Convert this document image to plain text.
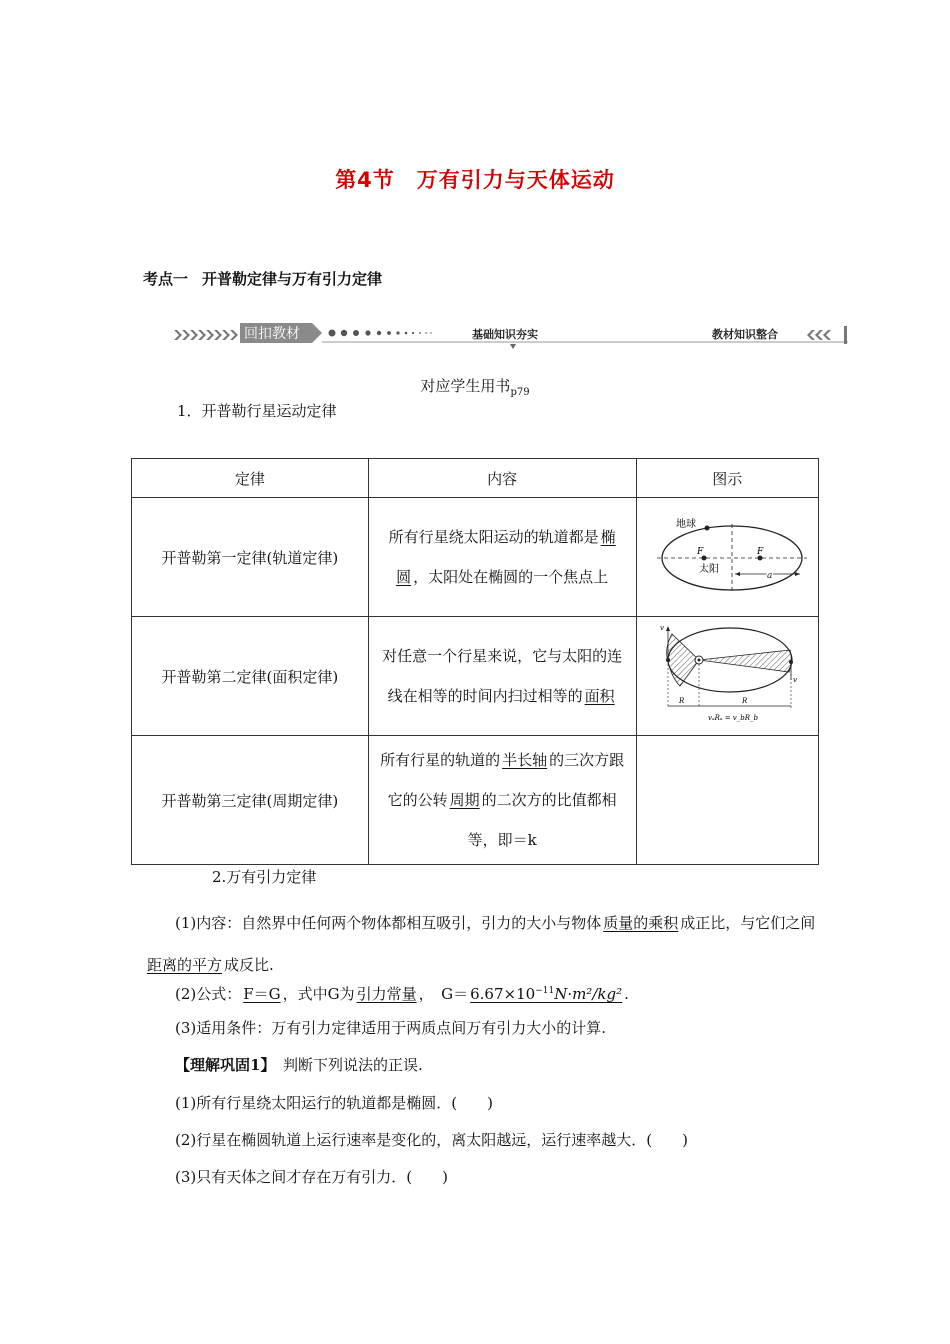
第4节　万有引力与天体运动
考点一 开普勒定律与万有引力定律
回扣教材	基础知识夯实	教材知识整合
对应学生用书$_{p79}$
1．开普勒行星运动定律
定律	内容	图示
开普勒第一定律(轨道定律)	所有行星绕太阳运动的轨道都是 椭圆 ，太阳处在椭圆的一个焦点上	地球
F F
太阳
a

开普勒第二定律(面积定律)	对任意一个行星来说，它与太阳的连线在相等的时间内扫过相等的 面积	v
v
R R
vₐRₐ = v_bR_b

开普勒第三定律(周期定律)	所有行星的轨道的 半长轴 的三次方跟它的公转 周期 的二次方的比值都相等，即＝k	
2.万有引力定律
(1)内容：自然界中任何两个物体都相互吸引，引力的大小与物体 质量的乘积 成正比，与它们之间距离的平方 成反比.
(2)公式： F＝G ，式中G为 引力常量 ，　$G= 6.67\times 10^{-11}N\cdot m^2$/kg² .
(3)适用条件：万有引力定律适用于两质点间万有引力大小的计算.
【理解巩固1】　 判断下列说法的正误.
(1)所有行星绕太阳运行的轨道都是椭圆．(　　)
(2)行星在椭圆轨道上运行速率是变化的，离太阳越远，运行速率越大．(　　)
(3)只有天体之间才存在万有引力．(　　)
